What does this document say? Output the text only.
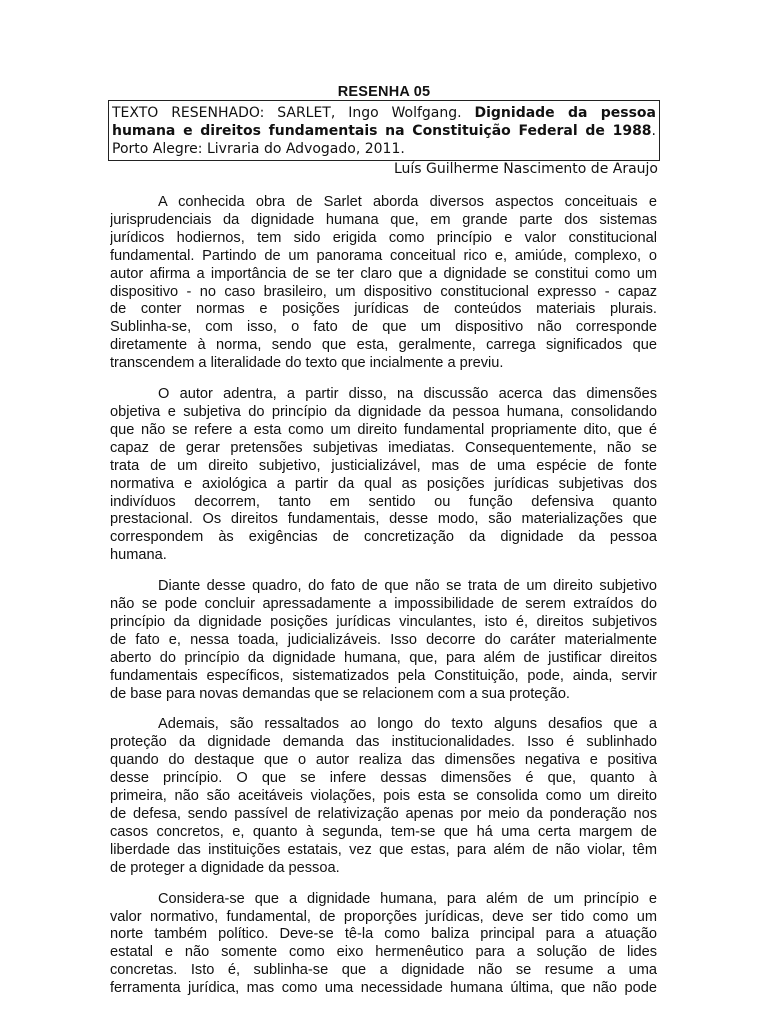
RESENHA 05
TEXTO RESENHADO: SARLET, Ingo Wolfgang. Dignidade da pessoa
humana e direitos fundamentais na Constituição Federal de 1988.
Porto Alegre: Livraria do Advogado, 2011.
Luís Guilherme Nascimento de Araujo
A conhecida obra de Sarlet aborda diversos aspectos conceituais e
jurisprudenciais da dignidade humana que, em grande parte dos sistemas
jurídicos hodiernos, tem sido erigida como princípio e valor constitucional
fundamental. Partindo de um panorama conceitual rico e, amiúde, complexo, o
autor afirma a importância de se ter claro que a dignidade se constitui como um
dispositivo - no caso brasileiro, um dispositivo constitucional expresso - capaz
de conter normas e posições jurídicas de conteúdos materiais plurais.
Sublinha-se, com isso, o fato de que um dispositivo não corresponde
diretamente à norma, sendo que esta, geralmente, carrega significados que
transcendem a literalidade do texto que incialmente a previu.
O autor adentra, a partir disso, na discussão acerca das dimensões
objetiva e subjetiva do princípio da dignidade da pessoa humana, consolidando
que não se refere a esta como um direito fundamental propriamente dito, que é
capaz de gerar pretensões subjetivas imediatas. Consequentemente, não se
trata de um direito subjetivo, justicializável, mas de uma espécie de fonte
normativa e axiológica a partir da qual as posições jurídicas subjetivas dos
indivíduos decorrem, tanto em sentido ou função defensiva quanto
prestacional. Os direitos fundamentais, desse modo, são materializações que
correspondem às exigências de concretização da dignidade da pessoa
humana.
Diante desse quadro, do fato de que não se trata de um direito subjetivo
não se pode concluir apressadamente a impossibilidade de serem extraídos do
princípio da dignidade posições jurídicas vinculantes, isto é, direitos subjetivos
de fato e, nessa toada, judicializáveis. Isso decorre do caráter materialmente
aberto do princípio da dignidade humana, que, para além de justificar direitos
fundamentais específicos, sistematizados pela Constituição, pode, ainda, servir
de base para novas demandas que se relacionem com a sua proteção.
Ademais, são ressaltados ao longo do texto alguns desafios que a
proteção da dignidade demanda das institucionalidades. Isso é sublinhado
quando do destaque que o autor realiza das dimensões negativa e positiva
desse princípio. O que se infere dessas dimensões é que, quanto à
primeira, não são aceitáveis violações, pois esta se consolida como um direito
de defesa, sendo passível de relativização apenas por meio da ponderação nos
casos concretos, e, quanto à segunda, tem-se que há uma certa margem de
liberdade das instituições estatais, vez que estas, para além de não violar, têm
de proteger a dignidade da pessoa.
Considera-se que a dignidade humana, para além de um princípio e
valor normativo, fundamental, de proporções jurídicas, deve ser tido como um
norte também político. Deve-se tê-la como baliza principal para a atuação
estatal e não somente como eixo hermenêutico para a solução de lides
concretas. Isto é, sublinha-se que a dignidade não se resume a uma
ferramenta jurídica, mas como uma necessidade humana última, que não pode
